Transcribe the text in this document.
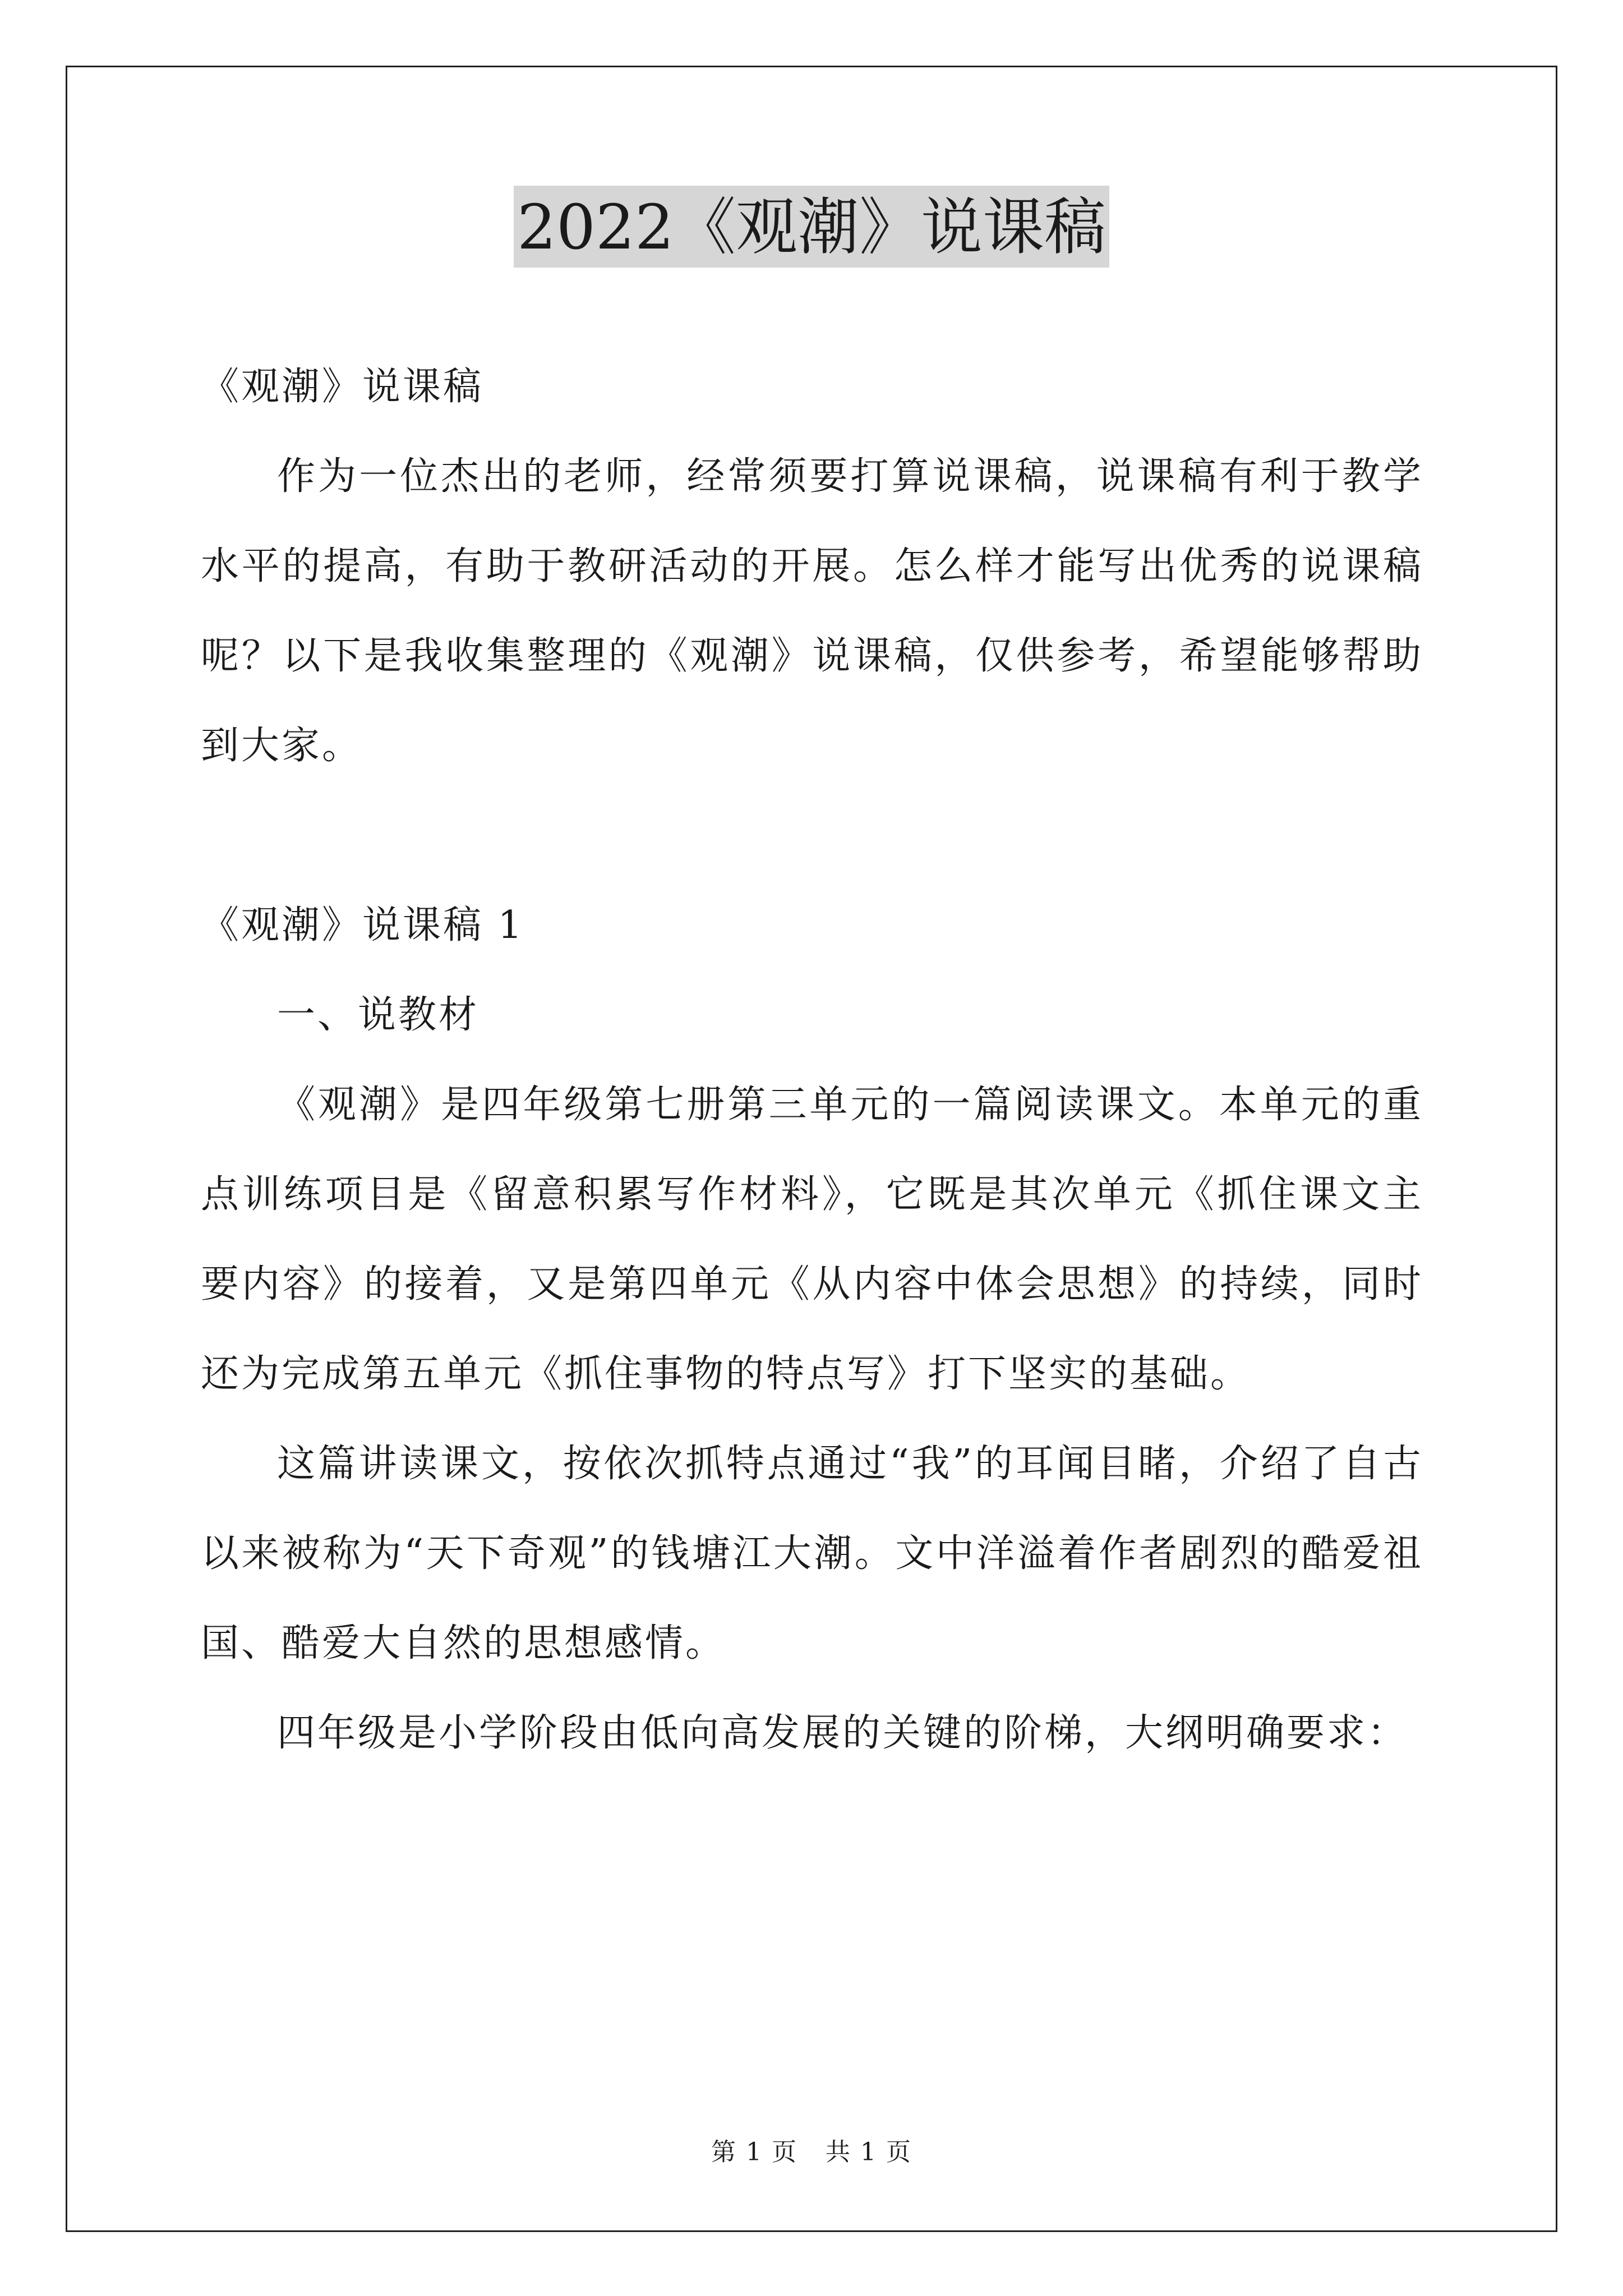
2022《观潮》说课稿

《观潮》说课稿

作为一位杰出的老师，经常须要打算说课稿，说课稿有利于教学水平的提高，有助于教研活动的开展。怎么样才能写出优秀的说课稿呢？以下是我收集整理的《观潮》说课稿，仅供参考，希望能够帮助到大家。

《观潮》说课稿 1

一、说教材

《观潮》是四年级第七册第三单元的一篇阅读课文。本单元的重点训练项目是《留意积累写作材料》，它既是其次单元《抓住课文主要内容》的接着，又是第四单元《从内容中体会思想》的持续，同时还为完成第五单元《抓住事物的特点写》打下坚实的基础。

这篇讲读课文，按依次抓特点通过“我”的耳闻目睹，介绍了自古以来被称为“天下奇观”的钱塘江大潮。文中洋溢着作者剧烈的酷爱祖国、酷爱大自然的思想感情。

四年级是小学阶段由低向高发展的关键的阶梯，大纲明确要求：

第 1 页 共 1 页
